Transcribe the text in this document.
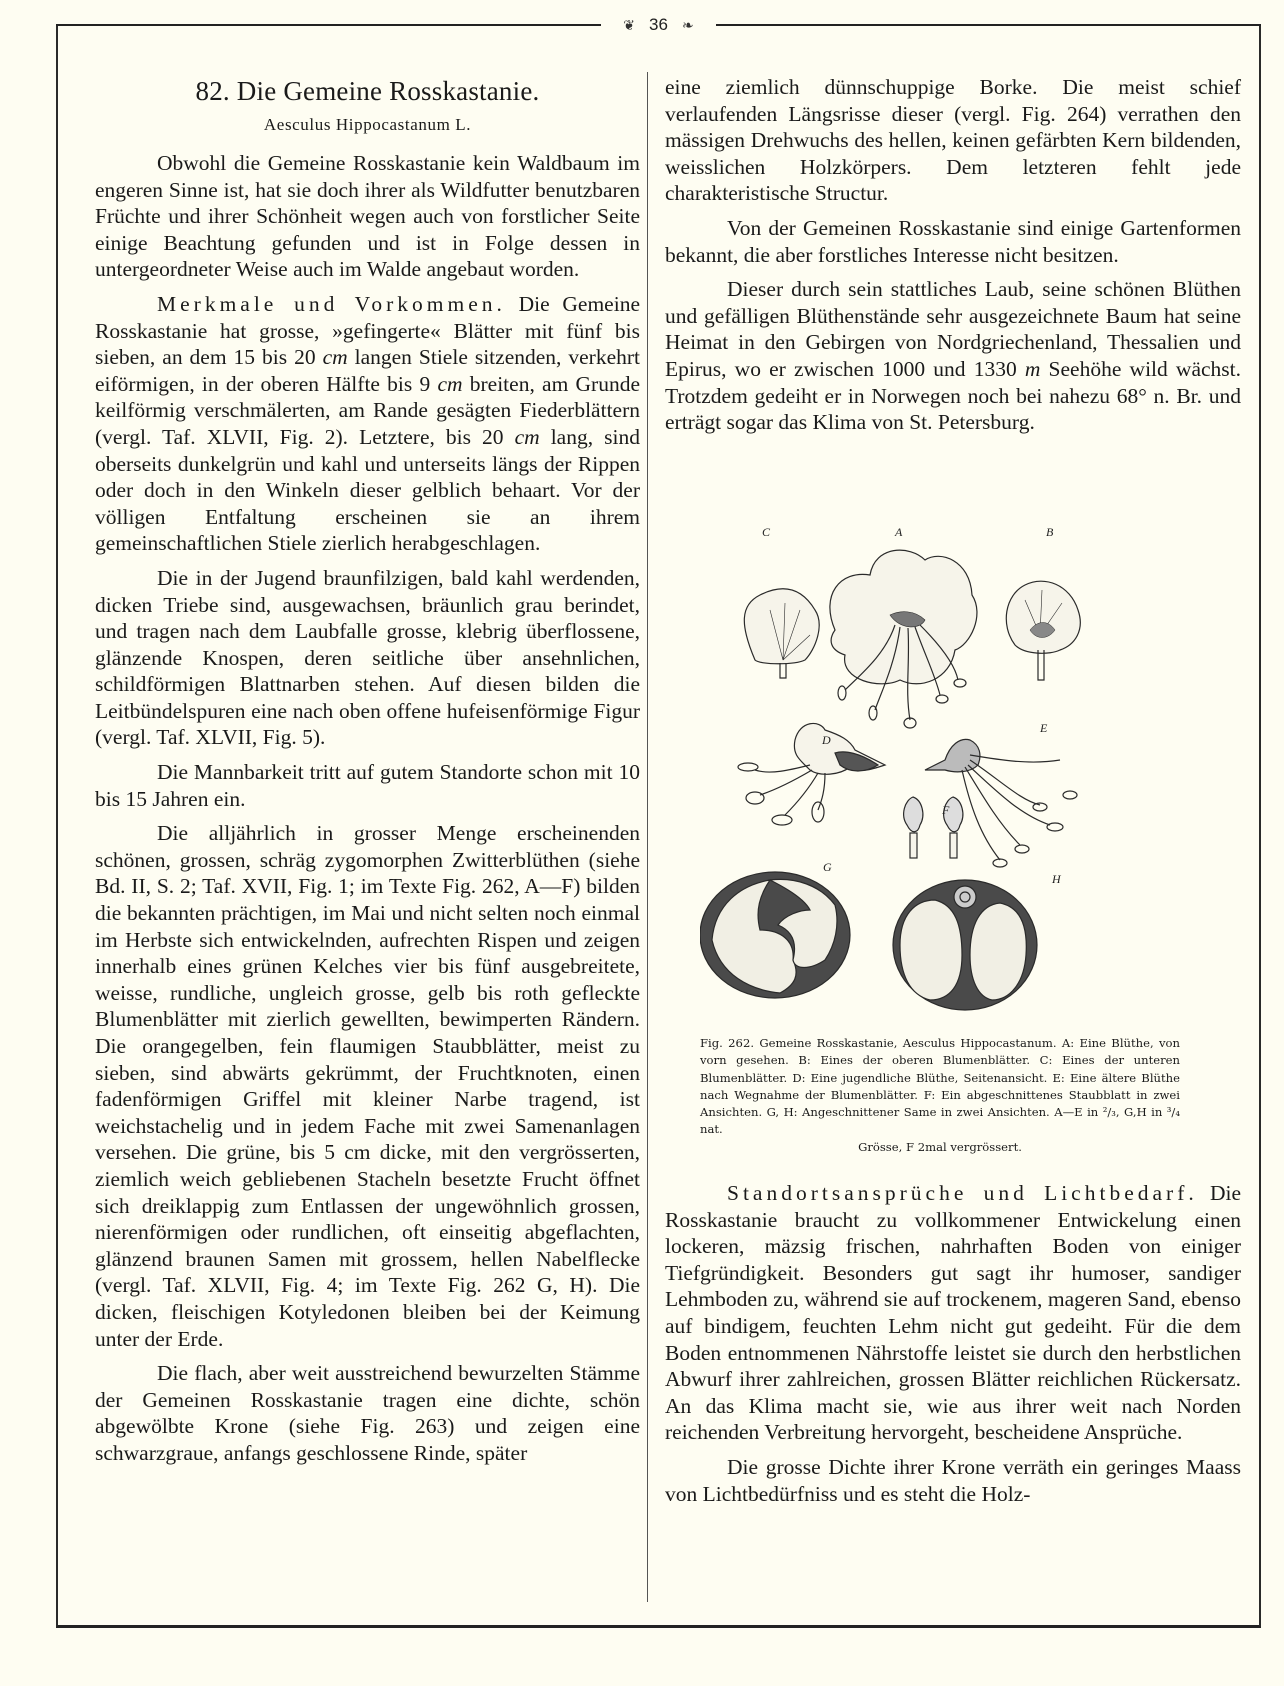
❦ 36 ❧
82. Die Gemeine Rosskastanie.
Aesculus Hippocastanum L.

Obwohl die Gemeine Rosskastanie kein Waldbaum im engeren Sinne ist, hat sie doch ihrer als Wildfutter benutzbaren Früchte und ihrer Schönheit wegen auch von forstlicher Seite einige Beachtung gefunden und ist in Folge dessen in untergeordneter Weise auch im Walde angebaut worden.

Merkmale und Vorkommen. Die Gemeine Rosskastanie hat grosse, »gefingerte« Blätter mit fünf bis sieben, an dem 15 bis 20 cm langen Stiele sitzenden, verkehrt eiförmigen, in der oberen Hälfte bis 9 cm breiten, am Grunde keilförmig verschmälerten, am Rande gesägten Fiederblättern (vergl. Taf. XLVII, Fig. 2). Letztere, bis 20 cm lang, sind oberseits dunkelgrün und kahl und unterseits längs der Rippen oder doch in den Winkeln dieser gelblich behaart. Vor der völligen Entfaltung erscheinen sie an ihrem gemeinschaftlichen Stiele zierlich herabgeschlagen.

Die in der Jugend braunfilzigen, bald kahl werdenden, dicken Triebe sind, ausgewachsen, bräunlich grau berindet, und tragen nach dem Laubfalle grosse, klebrig überflossene, glänzende Knospen, deren seitliche über ansehnlichen, schildförmigen Blattnarben stehen. Auf diesen bilden die Leitbündelspuren eine nach oben offene hufeisenförmige Figur (vergl. Taf. XLVII, Fig. 5).

Die Mannbarkeit tritt auf gutem Standorte schon mit 10 bis 15 Jahren ein.

Die alljährlich in grosser Menge erscheinenden schönen, grossen, schräg zygomorphen Zwitterblüthen (siehe Bd. II, S. 2; Taf. XVII, Fig. 1; im Texte Fig. 262, A—F) bilden die bekannten prächtigen, im Mai und nicht selten noch einmal im Herbste sich entwickelnden, aufrechten Rispen und zeigen innerhalb eines grünen Kelches vier bis fünf ausgebreitete, weisse, rundliche, ungleich grosse, gelb bis roth gefleckte Blumenblätter mit zierlich gewellten, bewimperten Rändern. Die orangegelben, fein flaumigen Staubblätter, meist zu sieben, sind abwärts gekrümmt, der Fruchtknoten, einen fadenförmigen Griffel mit kleiner Narbe tragend, ist weichstachelig und in jedem Fache mit zwei Samenanlagen versehen. Die grüne, bis 5 cm dicke, mit den vergrösserten, ziemlich weich gebliebenen Stacheln besetzte Frucht öffnet sich dreiklappig zum Entlassen der ungewöhnlich grossen, nierenförmigen oder rundlichen, oft einseitig abgeflachten, glänzend braunen Samen mit grossem, hellen Nabelflecke (vergl. Taf. XLVII, Fig. 4; im Texte Fig. 262 G, H). Die dicken, fleischigen Kotyledonen bleiben bei der Keimung unter der Erde.

Die flach, aber weit ausstreichend bewurzelten Stämme der Gemeinen Rosskastanie tragen eine dichte, schön abgewölbte Krone (siehe Fig. 263) und zeigen eine schwarzgraue, anfangs geschlossene Rinde, später

eine ziemlich dünnschuppige Borke. Die meist schief verlaufenden Längsrisse dieser (vergl. Fig. 264) verrathen den mässigen Drehwuchs des hellen, keinen gefärbten Kern bildenden, weisslichen Holzkörpers. Dem letzteren fehlt jede charakteristische Structur.

Von der Gemeinen Rosskastanie sind einige Gartenformen bekannt, die aber forstliches Interesse nicht besitzen.

Dieser durch sein stattliches Laub, seine schönen Blüthen und gefälligen Blüthenstände sehr ausgezeichnete Baum hat seine Heimat in den Gebirgen von Nordgriechenland, Thessalien und Epirus, wo er zwischen 1000 und 1330 m Seehöhe wild wächst. Trotzdem gedeiht er in Norwegen noch bei nahezu 68° n. Br. und erträgt sogar das Klima von St. Petersburg.

C	A	B
D
E
F
G
H
Fig. 262. Gemeine Rosskastanie, Aesculus Hippocastanum. A: Eine Blüthe, von vorn gesehen. B: Eines der oberen Blumenblätter. C: Eines der unteren Blumenblätter. D: Eine jugendliche Blüthe, Seitenansicht. E: Eine ältere Blüthe nach Wegnahme der Blumenblätter. F: Ein abgeschnittenes Staubblatt in zwei Ansichten. G, H: Angeschnittener Same in zwei Ansichten. A—E in ²/₃, G,H in ³/₄ nat.
Grösse, F 2mal vergrössert.

Standortsansprüche und Lichtbedarf. Die Rosskastanie braucht zu vollkommener Entwickelung einen lockeren, mäzsig frischen, nahrhaften Boden von einiger Tiefgründigkeit. Besonders gut sagt ihr humoser, sandiger Lehmboden zu, während sie auf trockenem, mageren Sand, ebenso auf bindigem, feuchten Lehm nicht gut gedeiht. Für die dem Boden entnommenen Nährstoffe leistet sie durch den herbstlichen Abwurf ihrer zahlreichen, grossen Blätter reichlichen Rückersatz. An das Klima macht sie, wie aus ihrer weit nach Norden reichenden Verbreitung hervorgeht, bescheidene Ansprüche.

Die grosse Dichte ihrer Krone verräth ein geringes Maass von Lichtbedürfniss und es steht die Holz-
